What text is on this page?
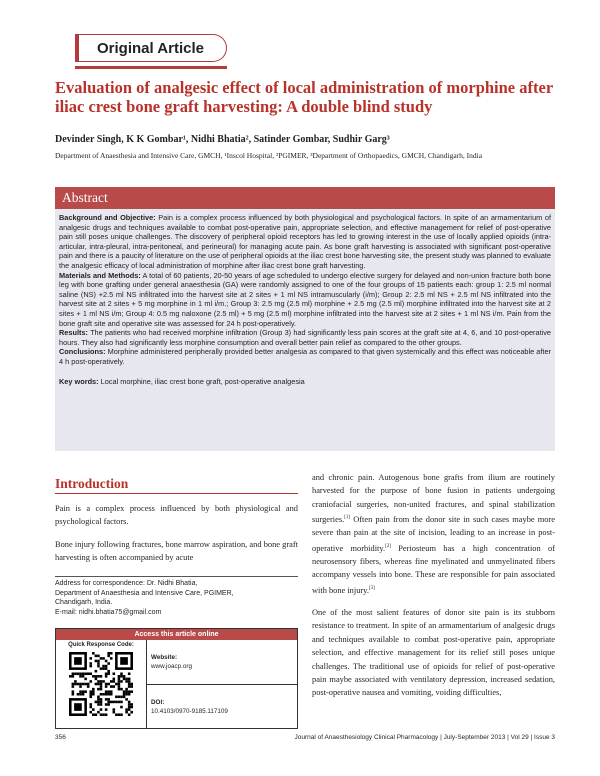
Original Article
Evaluation of analgesic effect of local administration of morphine after iliac crest bone graft harvesting: A double blind study
Devinder Singh, K K Gombar¹, Nidhi Bhatia², Satinder Gombar, Sudhir Garg³
Department of Anaesthesia and Intensive Care, GMCH, ¹Inscol Hospital, ²PGIMER, ³Department of Orthopaedics, GMCH, Chandigarh, India
Abstract

Background and Objective: Pain is a complex process influenced by both physiological and psychological factors. In spite of an armamentarium of analgesic drugs and techniques available to combat post-operative pain, appropriate selection, and effective management for relief of post-operative pain still poses unique challenges. The discovery of peripheral opioid receptors has led to growing interest in the use of locally applied opioids (intra-articular, intra-pleural, intra-peritoneal, and perineural) for managing acute pain. As bone graft harvesting is associated with significant post-operative pain and there is a paucity of literature on the use of peripheral opioids at the iliac crest bone harvesting site, the present study was planned to evaluate the analgesic efficacy of local administration of morphine after iliac crest bone graft harvesting.

Materials and Methods: A total of 60 patients, 20-50 years of age scheduled to undergo elective surgery for delayed and non-union fracture both bone leg with bone grafting under general anaesthesia (GA) were randomly assigned to one of the four groups of 15 patients each: group 1: 2.5 ml normal saline (NS) +2.5 ml NS infiltrated into the harvest site at 2 sites + 1 ml NS intramuscularly (i/m); Group 2: 2.5 ml NS + 2.5 ml NS infiltrated into the harvest site at 2 sites + 5 mg morphine in 1 ml i/m.; Group 3: 2.5 mg (2.5 ml) morphine + 2.5 mg (2.5 ml) morphine infiltrated into the harvest site at 2 sites + 1 ml NS i/m; Group 4: 0.5 mg naloxone (2.5 ml) + 5 mg (2.5 ml) morphine infiltrated into the harvest site at 2 sites + 1 ml NS i/m. Pain from the bone graft site and operative site was assessed for 24 h post-operatively.

Results: The patients who had received morphine infiltration (Group 3) had significantly less pain scores at the graft site at 4, 6, and 10 post-operative hours. They also had significantly less morphine consumption and overall better pain relief as compared to the other groups.

Conclusions: Morphine administered peripherally provided better analgesia as compared to that given systemically and this effect was noticeable after 4 h post-operatively.

Key words: Local morphine, iliac crest bone graft, post-operative analgesia

Introduction

Pain is a complex process influenced by both physiological and psychological factors.

Bone injury following fractures, bone marrow aspiration, and bone graft harvesting is often accompanied by acute

Address for correspondence: Dr. Nidhi Bhatia,
Department of Anaesthesia and Intensive Care, PGIMER,
Chandigarh, India.
E-mail: nidhi.bhatia75@gmail.com
Access this article online
Quick Response Code:
Website:
www.joacp.org
DOI:
10.4103/0970-9185.117109

and chronic pain. Autogenous bone grafts from ilium are routinely harvested for the purpose of bone fusion in patients undergoing craniofacial surgeries, non-united fractures, and spinal stabilization surgeries.[1] Often pain from the donor site in such cases maybe more severe than pain at the site of incision, leading to an increase in post-operative morbidity.[2] Periosteum has a high concentration of neurosensory fibers, whereas fine myelinated and unmyelinated fibers accompany vessels into bone. These are responsible for pain associated with bone injury.[3]

One of the most salient features of donor site pain is its stubborn resistance to treatment. In spite of an armamentarium of analgesic drugs and techniques available to combat post-operative pain, appropriate selection, and effective management for its relief still poses unique challenges. The traditional use of opioids for relief of post-operative pain maybe associated with ventilatory depression, increased sedation, post-operative nausea and vomiting, voiding difficulties,

356	Journal of Anaesthesiology Clinical Pharmacology | July-September 2013 | Vol 29 | Issue 3
